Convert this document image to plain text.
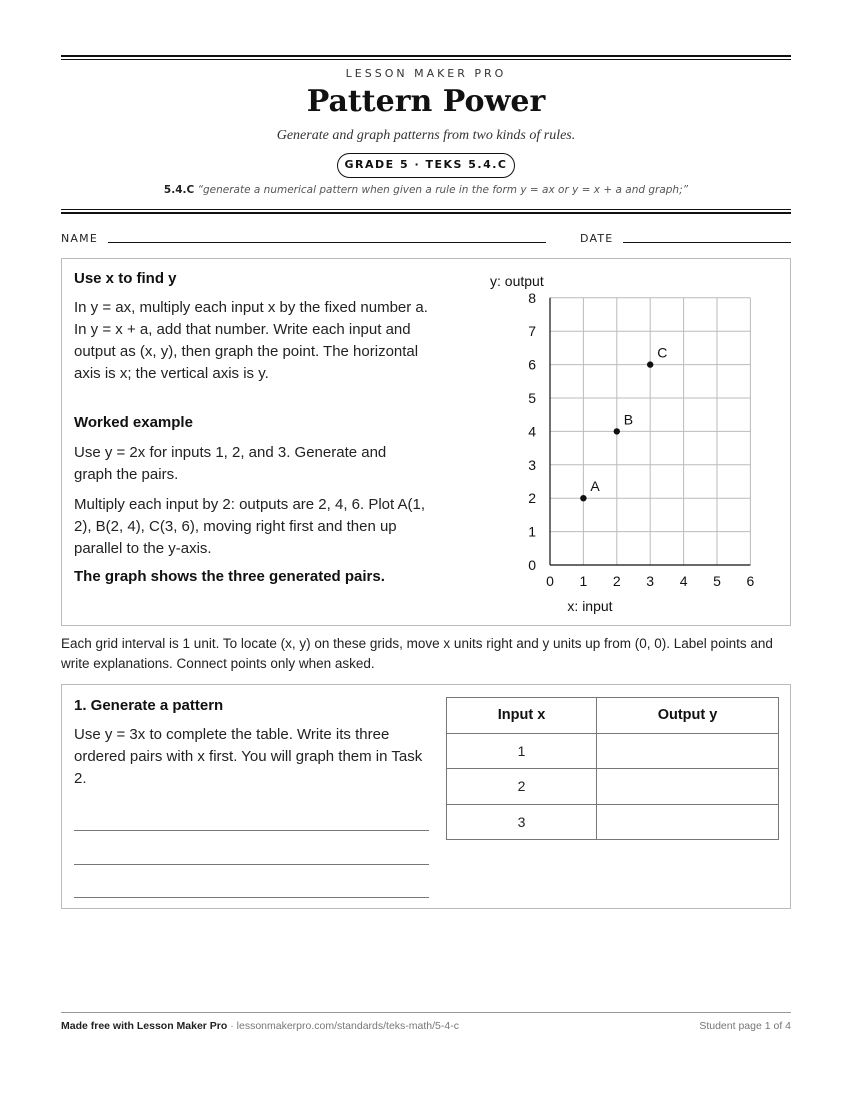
LESSON MAKER PRO
Pattern Power
Generate and graph patterns from two kinds of rules.
GRADE 5 · TEKS 5.4.C
5.4.C “generate a numerical pattern when given a rule in the form y = ax or y = x + a and graph;”
NAME	DATE
Use x to find y
In y = ax, multiply each input x by the fixed number a. In y = x + a, add that number. Write each input and output as (x, y), then graph the point. The horizontal axis is x; the vertical axis is y.
Worked example
Use y = 2x for inputs 1, 2, and 3. Generate and graph the pairs.
Multiply each input by 2: outputs are 2, 4, 6. Plot A(1, 2), B(2, 4), C(3, 6), moving right first and then up parallel to the y-axis.
The graph shows the three generated pairs.	0 1 2 3 4 5 6
0
1
2
3
4
5
6
7
8
A
B
C
y: output
x: input
Each grid interval is 1 unit. To locate (x, y) on these grids, move x units right and y units up from (0, 0). Label points and write explanations. Connect points only when asked.
1. Generate a pattern
Use y = 3x to complete the table. Write its three ordered pairs with x first. You will graph them in Task 2.
Input x	Output y
1	
2	
3	
Made free with Lesson Maker Pro · lessonmakerpro.com/standards/teks-math/5-4-c	Student page 1 of 4
